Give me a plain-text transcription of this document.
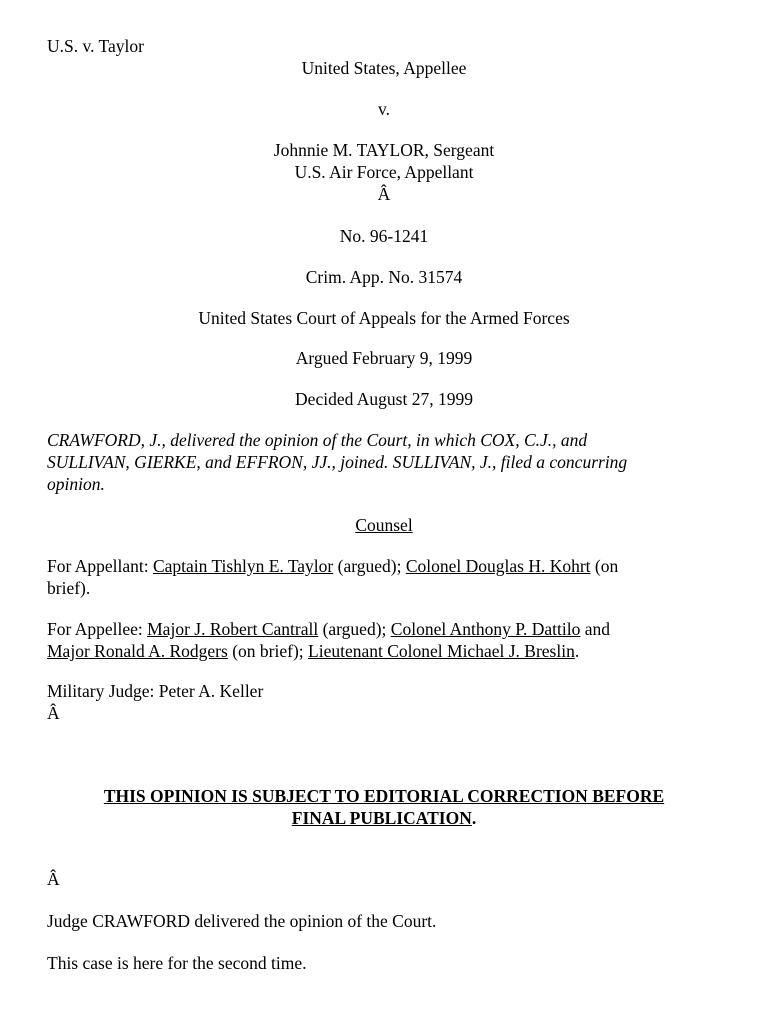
U.S. v. Taylor
United States, Appellee
v.
Johnnie M. TAYLOR, Sergeant
U.S. Air Force, Appellant
Â
No. 96-1241
Crim. App. No. 31574
United States Court of Appeals for the Armed Forces
Argued February 9, 1999
Decided August 27, 1999
CRAWFORD, J., delivered the opinion of the Court, in which COX, C.J., and
SULLIVAN, GIERKE, and EFFRON, JJ., joined. SULLIVAN, J., filed a concurring
opinion.
Counsel
For Appellant: Captain Tishlyn E. Taylor (argued); Colonel Douglas H. Kohrt (on
brief).
For Appellee: Major J. Robert Cantrall (argued); Colonel Anthony P. Dattilo and
Major Ronald A. Rodgers (on brief); Lieutenant Colonel Michael J. Breslin.
Military Judge: Peter A. Keller
Â
THIS OPINION IS SUBJECT TO EDITORIAL CORRECTION BEFORE
FINAL PUBLICATION.
Â
Judge CRAWFORD delivered the opinion of the Court.
This case is here for the second time.
